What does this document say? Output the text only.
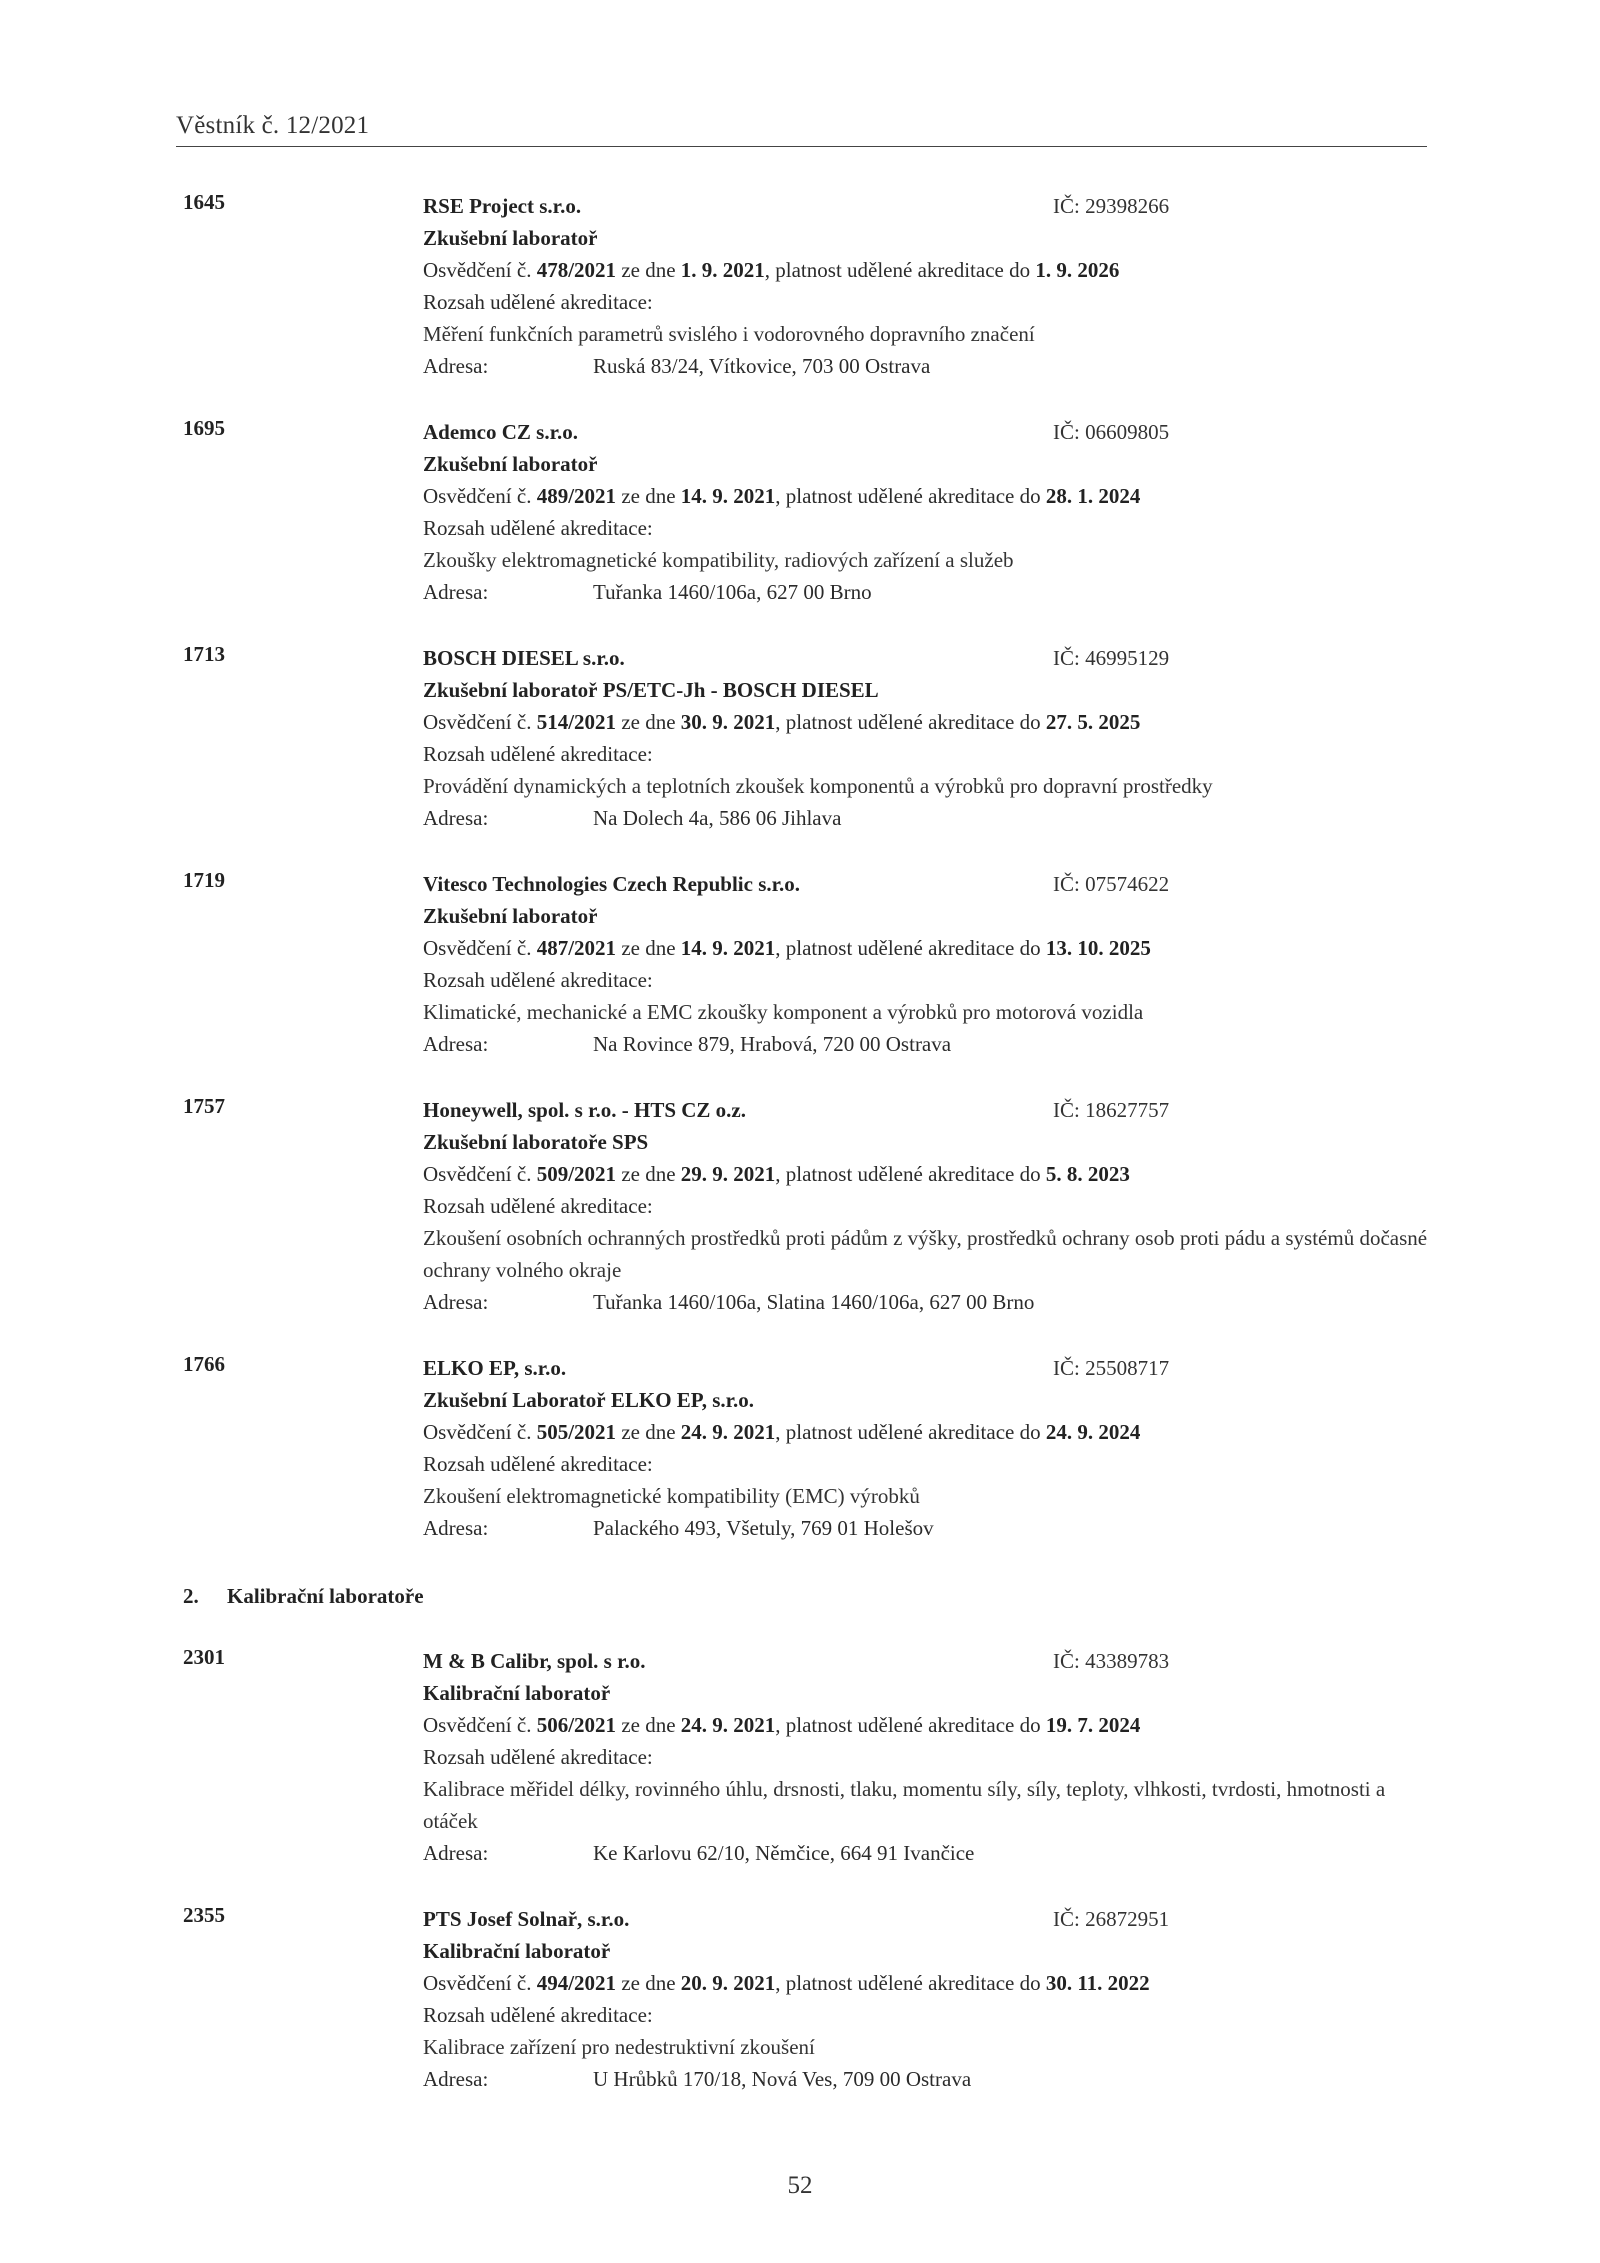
Věstník č. 12/2021
1645	RSE Project s.r.o.	IČ: 29398266
Zkušební laboratoř
Osvědčení č. 478/2021 ze dne 1. 9. 2021, platnost udělené akreditace do 1. 9. 2026
Rozsah udělené akreditace:
Měření funkčních parametrů svislého i vodorovného dopravního značení
Adresa:	Ruská 83/24, Vítkovice, 703 00 Ostrava
1695	Ademco CZ s.r.o.	IČ: 06609805
Zkušební laboratoř
Osvědčení č. 489/2021 ze dne 14. 9. 2021, platnost udělené akreditace do 28. 1. 2024
Rozsah udělené akreditace:
Zkoušky elektromagnetické kompatibility, radiových zařízení a služeb
Adresa:	Tuřanka 1460/106a, 627 00 Brno
1713	BOSCH DIESEL s.r.o.	IČ: 46995129
Zkušební laboratoř PS/ETC-Jh - BOSCH DIESEL
Osvědčení č. 514/2021 ze dne 30. 9. 2021, platnost udělené akreditace do 27. 5. 2025
Rozsah udělené akreditace:
Provádění dynamických a teplotních zkoušek komponentů a výrobků pro dopravní prostředky
Adresa:	Na Dolech 4a, 586 06 Jihlava
1719	Vitesco Technologies Czech Republic s.r.o.	IČ: 07574622
Zkušební laboratoř
Osvědčení č. 487/2021 ze dne 14. 9. 2021, platnost udělené akreditace do 13. 10. 2025
Rozsah udělené akreditace:
Klimatické, mechanické a EMC zkoušky komponent a výrobků pro motorová vozidla
Adresa:	Na Rovince 879, Hrabová, 720 00 Ostrava
1757	Honeywell, spol. s r.o. - HTS CZ o.z.	IČ: 18627757
Zkušební laboratoře SPS
Osvědčení č. 509/2021 ze dne 29. 9. 2021, platnost udělené akreditace do 5. 8. 2023
Rozsah udělené akreditace:
Zkoušení osobních ochranných prostředků proti pádům z výšky, prostředků ochrany osob proti pádu a systémů dočasné ochrany volného okraje
Adresa:	Tuřanka 1460/106a, Slatina 1460/106a, 627 00 Brno
1766	ELKO EP, s.r.o.	IČ: 25508717
Zkušební Laboratoř ELKO EP, s.r.o.
Osvědčení č. 505/2021 ze dne 24. 9. 2021, platnost udělené akreditace do 24. 9. 2024
Rozsah udělené akreditace:
Zkoušení elektromagnetické kompatibility (EMC) výrobků
Adresa:	Palackého 493, Všetuly, 769 01 Holešov
2. Kalibrační laboratoře
2301	M & B Calibr, spol. s r.o.	IČ: 43389783
Kalibrační laboratoř
Osvědčení č. 506/2021 ze dne 24. 9. 2021, platnost udělené akreditace do 19. 7. 2024
Rozsah udělené akreditace:
Kalibrace měřidel délky, rovinného úhlu, drsnosti, tlaku, momentu síly, síly, teploty, vlhkosti, tvrdosti, hmotnosti a otáček
Adresa:	Ke Karlovu 62/10, Němčice, 664 91 Ivančice
2355	PTS Josef Solnař, s.r.o.	IČ: 26872951
Kalibrační laboratoř
Osvědčení č. 494/2021 ze dne 20. 9. 2021, platnost udělené akreditace do 30. 11. 2022
Rozsah udělené akreditace:
Kalibrace zařízení pro nedestruktivní zkoušení
Adresa:	U Hrůbků 170/18, Nová Ves, 709 00 Ostrava
52
